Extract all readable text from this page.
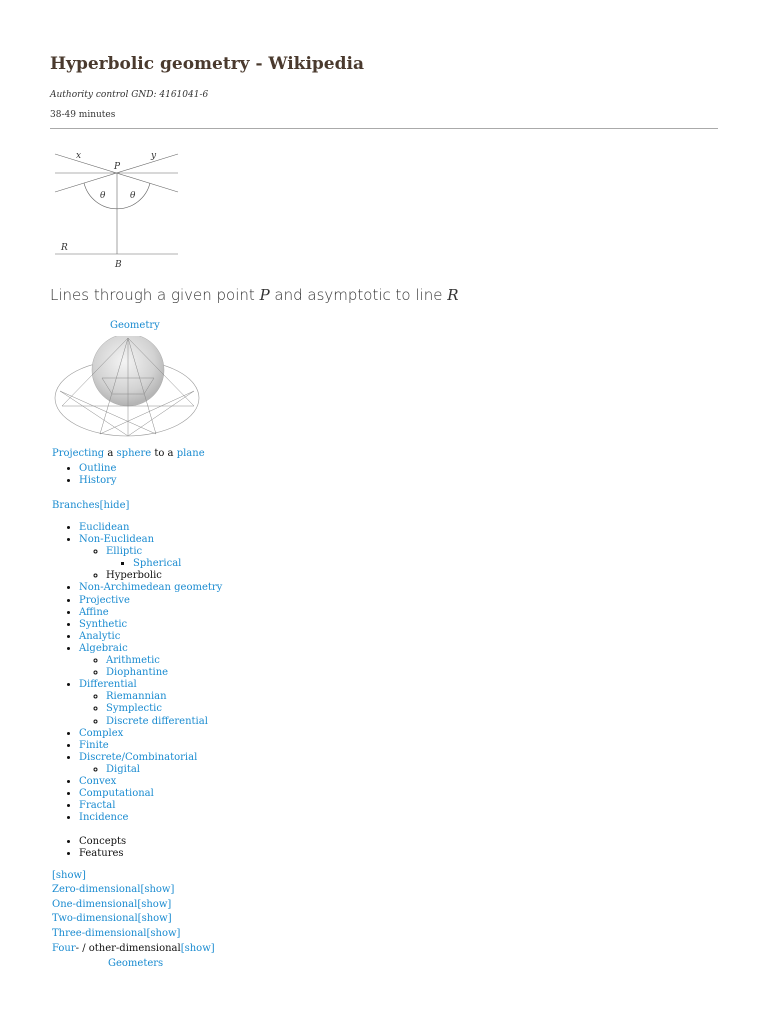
Hyperbolic geometry - Wikipedia
Authority control GND: 4161041-6
38-49 minutes
x	y
P
θ	θ
R
B
Lines through a given point P and asymptotic to line R
Geometry
Projecting a sphere to a plane
• Outline
• History
Branches[hide]
• Euclidean
• Non-Euclidean
◦ Elliptic
▪ Spherical
◦ Hyperbolic
• Non-Archimedean geometry
• Projective
• Affine
• Synthetic
• Analytic
• Algebraic
◦ Arithmetic
◦ Diophantine
• Differential
◦ Riemannian
◦ Symplectic
◦ Discrete differential
• Complex
• Finite
• Discrete/Combinatorial
◦ Digital
• Convex
• Computational
• Fractal
• Incidence
• Concepts
• Features
[show]
Zero-dimensional[show]
One-dimensional[show]
Two-dimensional[show]
Three-dimensional[show]
Four- / other-dimensional[show]
Geometers
